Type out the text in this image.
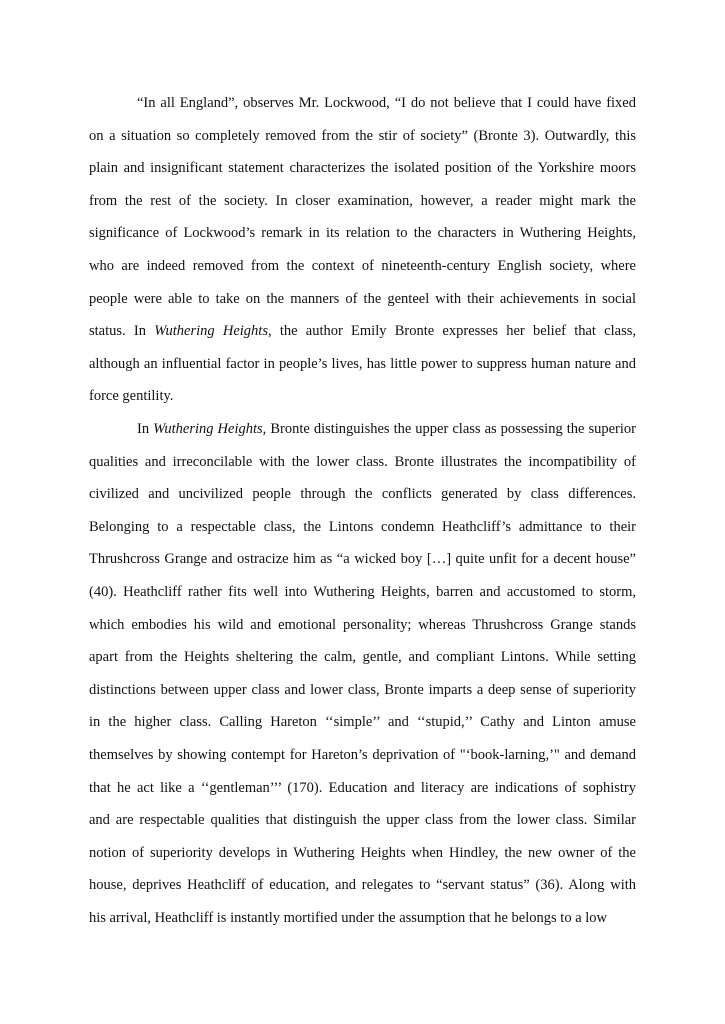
“In all England”, observes Mr. Lockwood, “I do not believe that I could have fixed
on a situation so completely removed from the stir of society” (Bronte 3). Outwardly, this
plain and insignificant statement characterizes the isolated position of the Yorkshire moors
from the rest of the society. In closer examination, however, a reader might mark the
significance of Lockwood’s remark in its relation to the characters in Wuthering Heights,
who are indeed removed from the context of nineteenth-century English society, where
people were able to take on the manners of the genteel with their achievements in social
status. In Wuthering Heights, the author Emily Bronte expresses her belief that class,
although an influential factor in people’s lives, has little power to suppress human nature and
force gentility.
In Wuthering Heights, Bronte distinguishes the upper class as possessing the superior
qualities and irreconcilable with the lower class. Bronte illustrates the incompatibility of
civilized and uncivilized people through the conflicts generated by class differences.
Belonging to a respectable class, the Lintons condemn Heathcliff’s admittance to their
Thrushcross Grange and ostracize him as “a wicked boy […] quite unfit for a decent house”
(40). Heathcliff rather fits well into Wuthering Heights, barren and accustomed to storm,
which embodies his wild and emotional personality; whereas Thrushcross Grange stands
apart from the Heights sheltering the calm, gentle, and compliant Lintons. While setting
distinctions between upper class and lower class, Bronte imparts a deep sense of superiority
in the higher class. Calling Hareton ‘‘simple’’ and ‘‘stupid,’’ Cathy and Linton amuse
themselves by showing contempt for Hareton’s deprivation of "‘book-larning,’" and demand
that he act like a ‘‘gentleman’’’ (170). Education and literacy are indications of sophistry
and are respectable qualities that distinguish the upper class from the lower class. Similar
notion of superiority develops in Wuthering Heights when Hindley, the new owner of the
house, deprives Heathcliff of education, and relegates to “servant status” (36). Along with
his arrival, Heathcliff is instantly mortified under the assumption that he belongs to a low
